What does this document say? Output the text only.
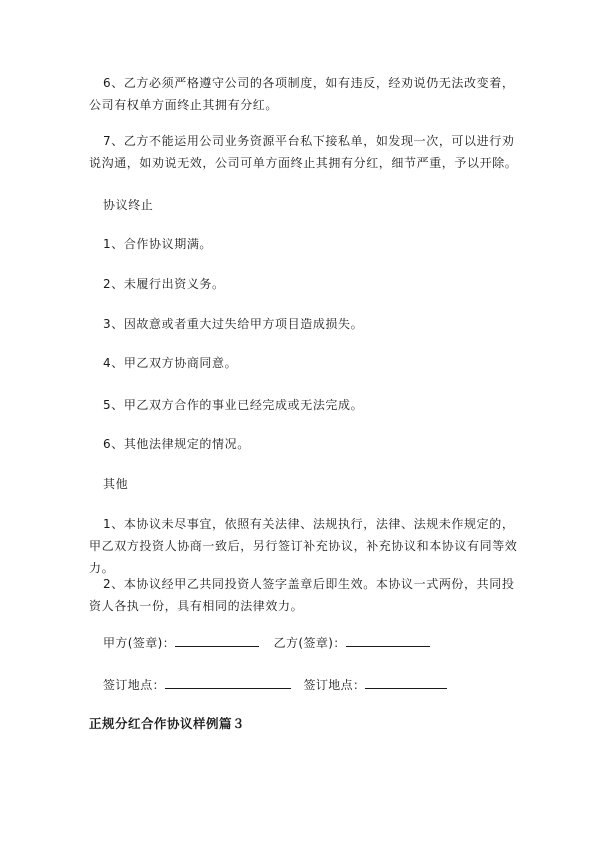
6、乙方必须严格遵守公司的各项制度，如有违反，经劝说仍无法改变着，公司有权单方面终止其拥有分红。

7、乙方不能运用公司业务资源平台私下接私单，如发现一次，可以进行劝说沟通，如劝说无效，公司可单方面终止其拥有分红，细节严重，予以开除。

协议终止
1、合作协议期满。
2、未履行出资义务。
3、因故意或者重大过失给甲方项目造成损失。
4、甲乙双方协商同意。
5、甲乙双方合作的事业已经完成或无法完成。
6、其他法律规定的情况。
其他

1、本协议未尽事宜，依照有关法律、法规执行，法律、法规未作规定的，甲乙双方投资人协商一致后，另行签订补充协议，补充协议和本协议有同等效力。

2、本协议经甲乙共同投资人签字盖章后即生效。本协议一式两份，共同投资人各执一份，具有相同的法律效力。

甲方(签章)：	乙方(签章)：
签订地点：	签订地点：
正规分红合作协议样例篇３
